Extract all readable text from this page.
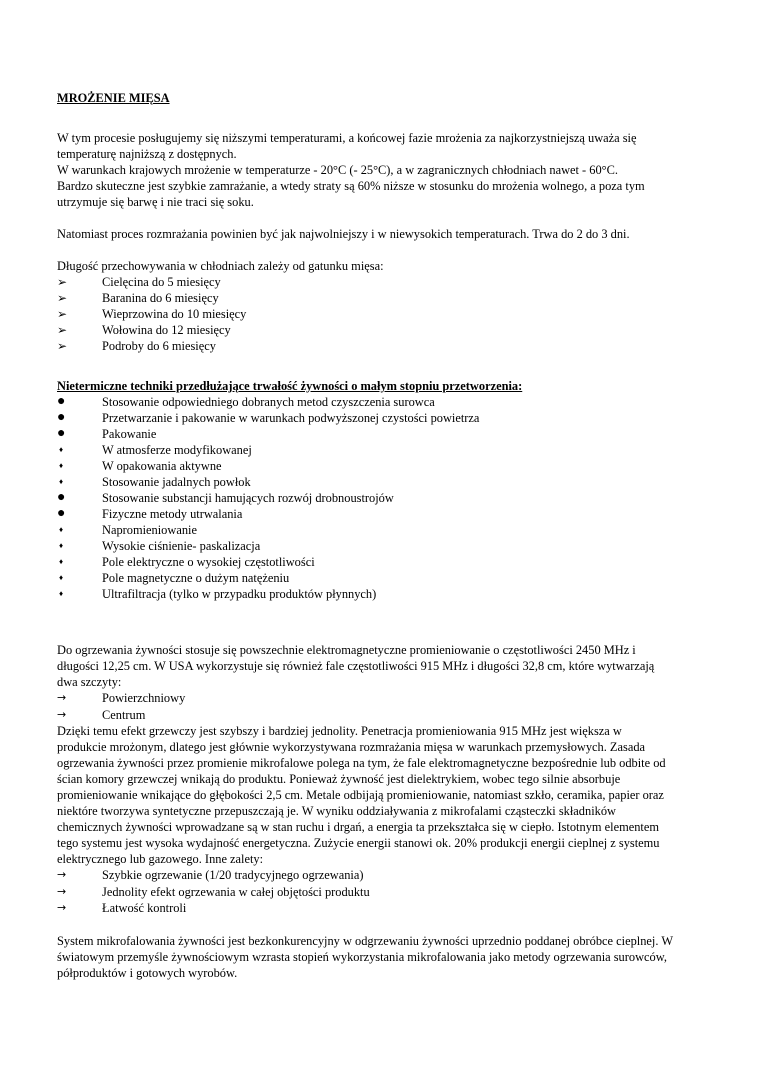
MROŻENIE MIĘSA

W tym procesie posługujemy się niższymi temperaturami, a końcowej fazie mrożenia za najkorzystniejszą uważa się temperaturę najniższą z dostępnych.
W warunkach krajowych mrożenie w temperaturze - 20°C (- 25°C), a w zagranicznych chłodniach nawet - 60°C.
Bardzo skuteczne jest szybkie zamrażanie, a wtedy straty są 60% niższe w stosunku do mrożenia wolnego, a poza tym utrzymuje się barwę i nie traci się soku.
Natomiast proces rozmrażania powinien być jak najwolniejszy i w niewysokich temperaturach. Trwa do 2 do 3 dni.
Długość przechowywania w chłodniach zależy od gatunku mięsa:
➢	Cielęcina do 5 miesięcy
➢	Baranina do 6 miesięcy
➢	Wieprzowina do 10 miesięcy
➢	Wołowina do 12 miesięcy
➢	Podroby do 6 miesięcy
Nietermiczne techniki przedłużające trwałość żywności o małym stopniu przetworzenia:
●	Stosowanie odpowiedniego dobranych metod czyszczenia surowca
●	Przetwarzanie i pakowanie w warunkach podwyższonej czystości powietrza
●	Pakowanie
♦	W atmosferze modyfikowanej
♦	W opakowania aktywne
♦	Stosowanie jadalnych powłok
●	Stosowanie substancji hamujących rozwój drobnoustrojów
●	Fizyczne metody utrwalania
♦	Napromieniowanie
♦	Wysokie ciśnienie- paskalizacja
♦	Pole elektryczne o wysokiej częstotliwości
♦	Pole magnetyczne o dużym natężeniu
♦	Ultrafiltracja (tylko w przypadku produktów płynnych)
Do ogrzewania żywności stosuje się powszechnie elektromagnetyczne promieniowanie o częstotliwości 2450 MHz i długości 12,25 cm. W USA wykorzystuje się również fale częstotliwości 915 MHz i długości 32,8 cm, które wytwarzają dwa szczyty:
→	Powierzchniowy
→	Centrum
Dzięki temu efekt grzewczy jest szybszy i bardziej jednolity. Penetracja promieniowania 915 MHz jest większa w produkcie mrożonym, dlatego jest głównie wykorzystywana rozmrażania mięsa w warunkach przemysłowych. Zasada ogrzewania żywności przez promienie mikrofalowe polega na tym, że fale elektromagnetyczne bezpośrednie lub odbite od ścian komory grzewczej wnikają do produktu. Ponieważ żywność jest dielektrykiem, wobec tego silnie absorbuje promieniowanie wnikające do głębokości 2,5 cm. Metale odbijają promieniowanie, natomiast szkło, ceramika, papier oraz niektóre tworzywa syntetyczne przepuszczają je. W wyniku oddziaływania z mikrofalami cząsteczki składników chemicznych żywności wprowadzane są w stan ruchu i drgań, a energia ta przekształca się w ciepło. Istotnym elementem tego systemu jest wysoka wydajność energetyczna. Zużycie energii stanowi ok. 20% produkcji energii cieplnej z systemu elektrycznego lub gazowego. Inne zalety:
→	Szybkie ogrzewanie (1/20 tradycyjnego ogrzewania)
→	Jednolity efekt ogrzewania w całej objętości produktu
→	Łatwość kontroli
System mikrofalowania żywności jest bezkonkurencyjny w odgrzewaniu żywności uprzednio poddanej obróbce cieplnej. W światowym przemyśle żywnościowym wzrasta stopień wykorzystania mikrofalowania jako metody ogrzewania surowców, półproduktów i gotowych wyrobów.
